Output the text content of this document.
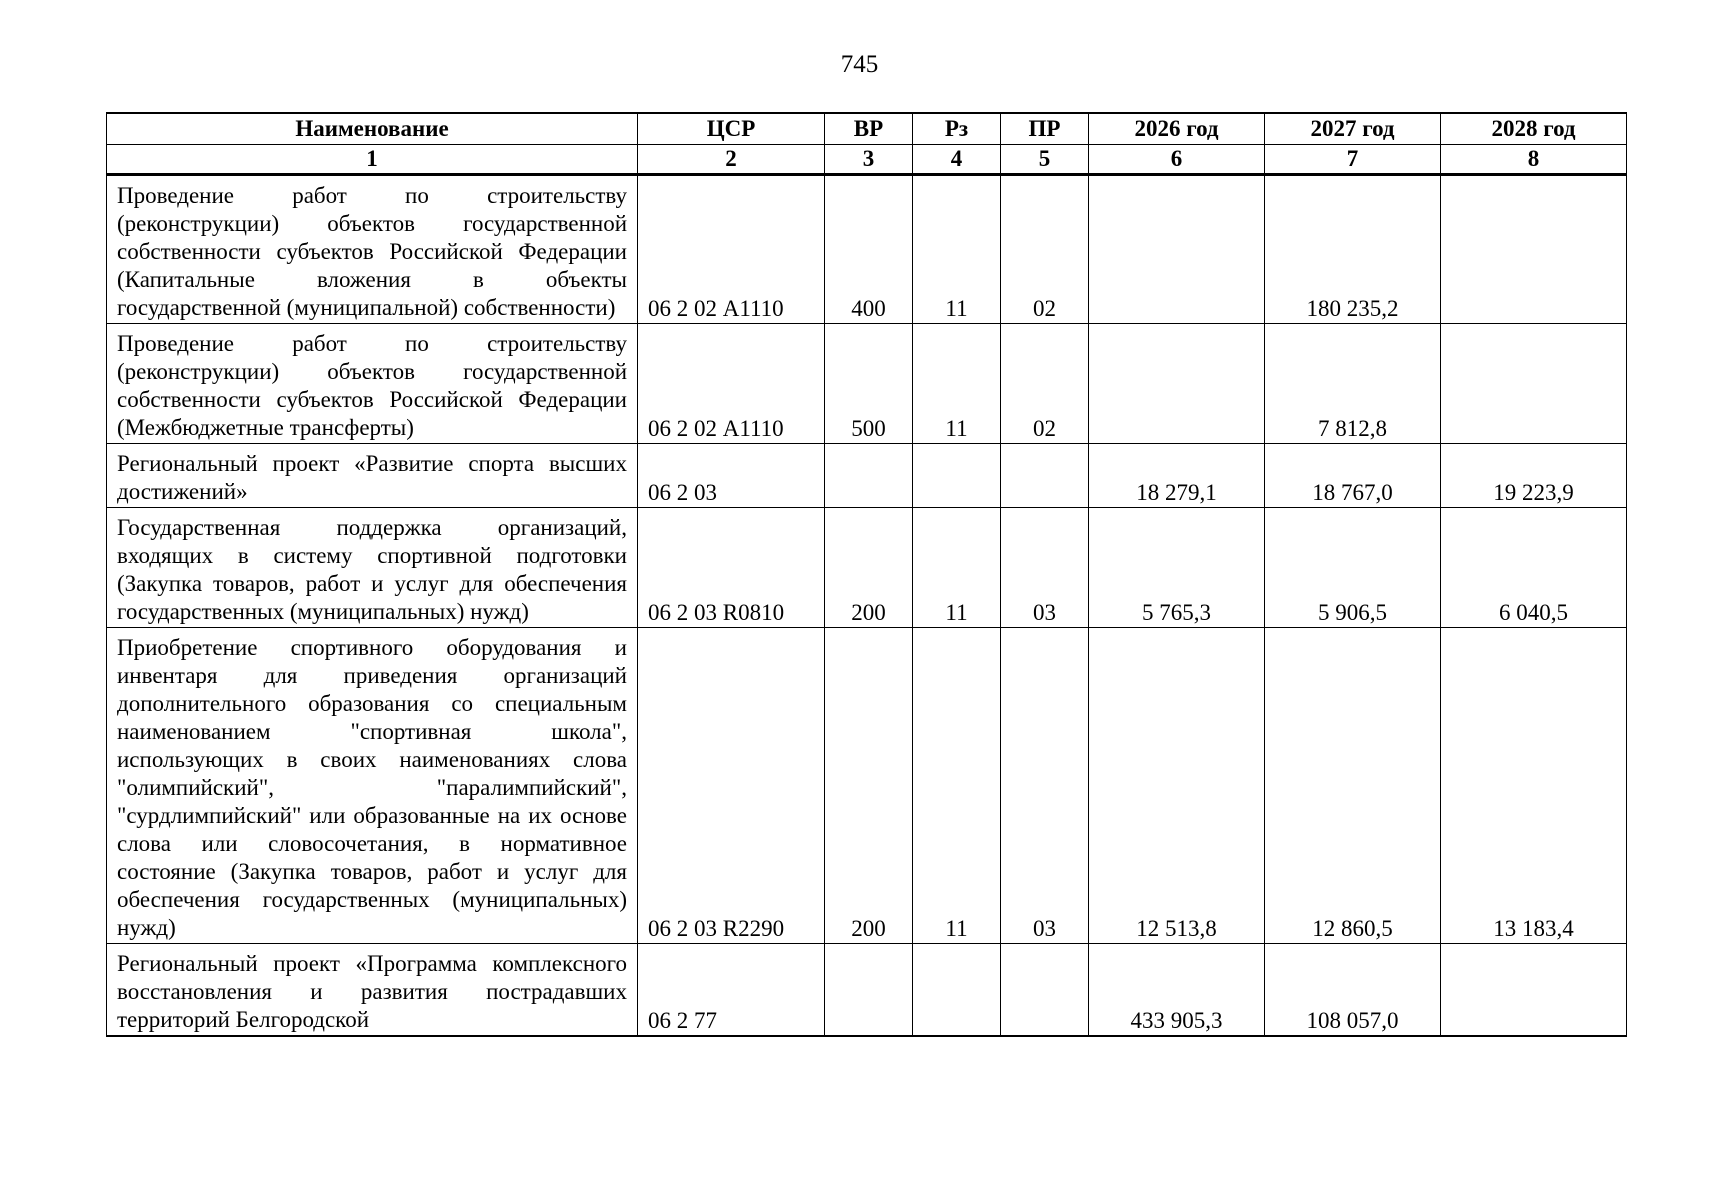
745
Наименование	ЦСР	ВР	Рз	ПР	2026 год	2027 год	2028 год
1	2	3	4	5	6	7	8
Проведение работ по строительству (реконструкции) объектов государственной собственности субъектов Российской Федерации (Капитальные вложения в объекты государственной (муниципальной) собственности)	06 2 02 А1110	400	11	02		180 235,2	
Проведение работ по строительству (реконструкции) объектов государственной собственности субъектов Российской Федерации (Межбюджетные трансферты)	06 2 02 А1110	500	11	02		7 812,8	
Региональный проект «Развитие спорта высших достижений»	06 2 03				18 279,1	18 767,0	19 223,9
Государственная поддержка организаций, входящих в систему спортивной подготовки (Закупка товаров, работ и услуг для обеспечения государственных (муниципальных) нужд)	06 2 03 R0810	200	11	03	5 765,3	5 906,5	6 040,5
Приобретение спортивного оборудования и инвентаря для приведения организаций дополнительного образования со специальным наименованием "спортивная школа", использующих в своих наименованиях слова "олимпийский", "паралимпийский", "сурдлимпийский" или образованные на их основе слова или словосочетания, в нормативное состояние (Закупка товаров, работ и услуг для обеспечения государственных (муниципальных) нужд)	06 2 03 R2290	200	11	03	12 513,8	12 860,5	13 183,4
Региональный проект «Программа комплексного восстановления и развития пострадавших территорий Белгородской	06 2 77				433 905,3	108 057,0	
